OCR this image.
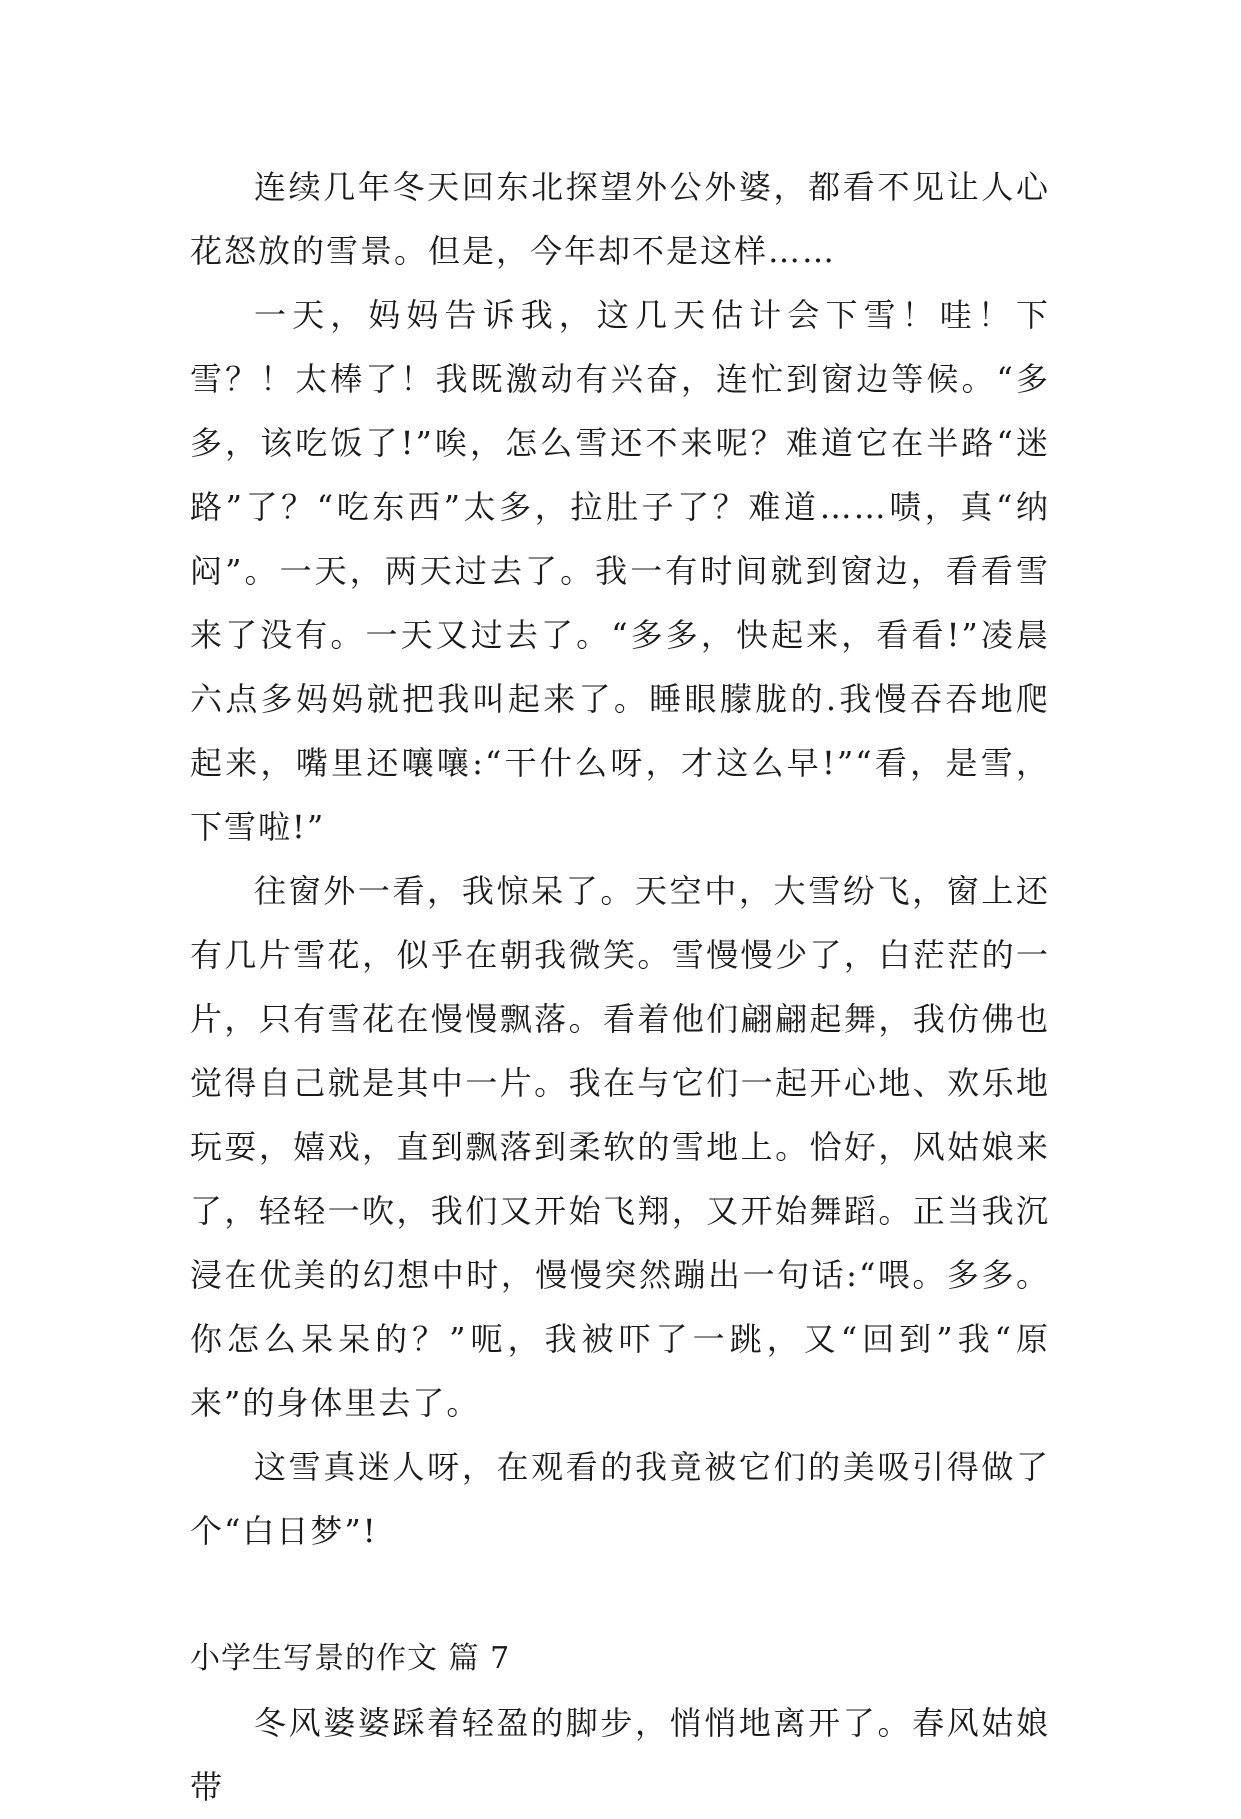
连续几年冬天回东北探望外公外婆，都看不见让人心花怒放的雪景。但是，今年却不是这样……

一天，妈妈告诉我，这几天估计会下雪！哇！下雪？！太棒了！我既激动有兴奋，连忙到窗边等候。“多多，该吃饭了!”唉，怎么雪还不来呢？难道它在半路“迷路”了？“吃东西”太多，拉肚子了？难道……啧，真“纳闷”。一天，两天过去了。我一有时间就到窗边，看看雪来了没有。一天又过去了。“多多，快起来，看看!”凌晨六点多妈妈就把我叫起来了。睡眼朦胧的.我慢吞吞地爬起来，嘴里还嚷嚷:“干什么呀，才这么早!”“看，是雪，下雪啦!”

往窗外一看，我惊呆了。天空中，大雪纷飞，窗上还有几片雪花，似乎在朝我微笑。雪慢慢少了，白茫茫的一片，只有雪花在慢慢飘落。看着他们翩翩起舞，我仿佛也觉得自己就是其中一片。我在与它们一起开心地、欢乐地玩耍，嬉戏，直到飘落到柔软的雪地上。恰好，风姑娘来了，轻轻一吹，我们又开始飞翔，又开始舞蹈。正当我沉浸在优美的幻想中时，慢慢突然蹦出一句话:“喂。多多。你怎么呆呆的？”呃，我被吓了一跳，又“回到”我“原来”的身体里去了。

这雪真迷人呀，在观看的我竟被它们的美吸引得做了个“白日梦”!

小学生写景的作文 篇 7

冬风婆婆踩着轻盈的脚步，悄悄地离开了。春风姑娘带
